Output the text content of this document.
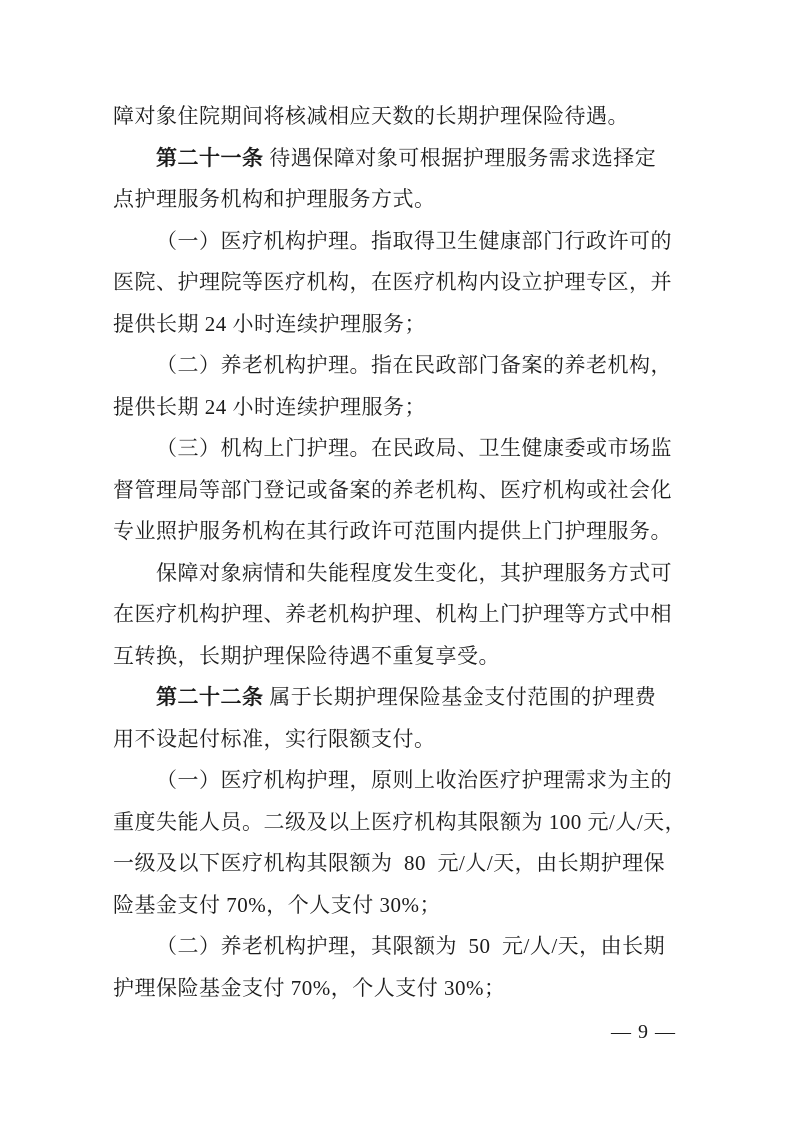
障对象住院期间将核减相应天数的长期护理保险待遇。
第二十一条 待遇保障对象可根据护理服务需求选择定
点护理服务机构和护理服务方式。
（一）医疗机构护理。指取得卫生健康部门行政许可的
医院、护理院等医疗机构，在医疗机构内设立护理专区，并
提供长期 24 小时连续护理服务；
（二）养老机构护理。指在民政部门备案的养老机构，
提供长期 24 小时连续护理服务；
（三）机构上门护理。在民政局、卫生健康委或市场监
督管理局等部门登记或备案的养老机构、医疗机构或社会化
专业照护服务机构在其行政许可范围内提供上门护理服务。
保障对象病情和失能程度发生变化，其护理服务方式可
在医疗机构护理、养老机构护理、机构上门护理等方式中相
互转换，长期护理保险待遇不重复享受。
第二十二条 属于长期护理保险基金支付范围的护理费
用不设起付标准，实行限额支付。
（一）医疗机构护理，原则上收治医疗护理需求为主的
重度失能人员。二级及以上医疗机构其限额为 100 元/人/天，
一级及以下医疗机构其限额为  80  元/人/天，由长期护理保
险基金支付 70%，个人支付 30%；
（二）养老机构护理，其限额为  50  元/人/天，由长期
护理保险基金支付 70%，个人支付 30%；
— 9 —
